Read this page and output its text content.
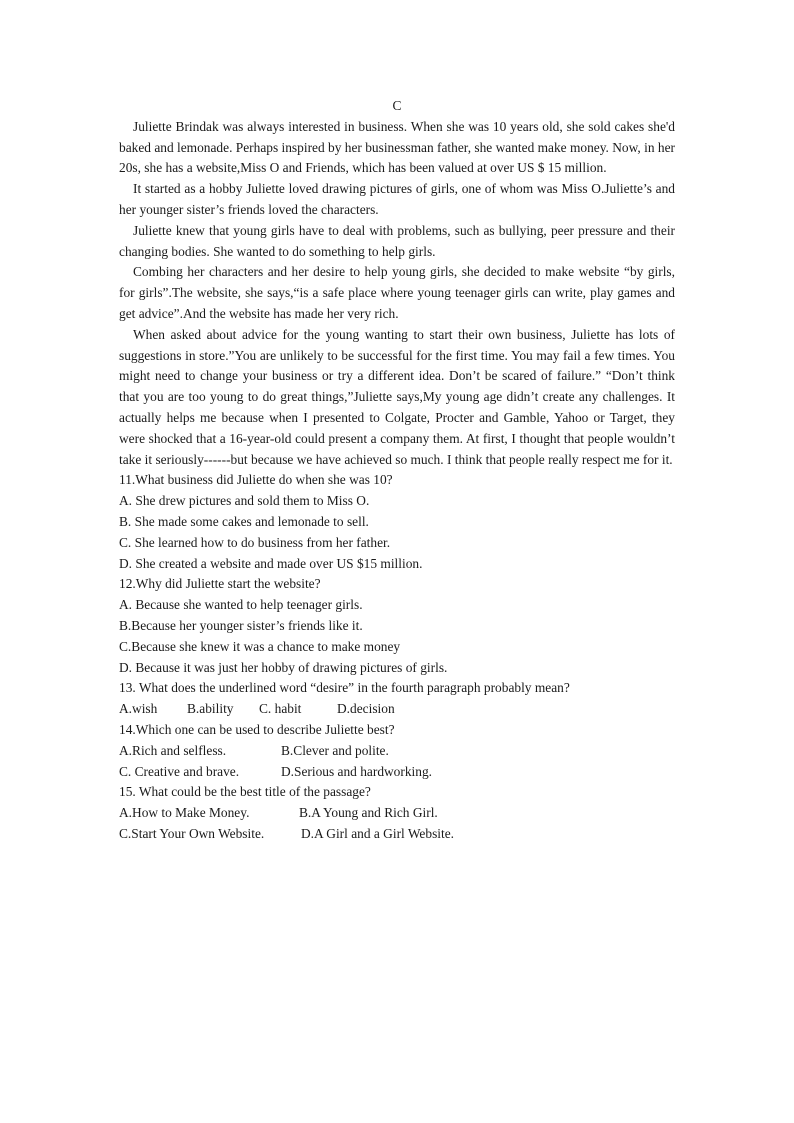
C

Juliette Brindak was always interested in business. When she was 10 years old, she sold cakes she'd baked and lemonade. Perhaps inspired by her businessman father, she wanted make money. Now, in her 20s, she has a website,Miss O and Friends, which has been valued at over US $ 15 million.

It started as a hobby Juliette loved drawing pictures of girls, one of whom was Miss O.Juliette’s and her younger sister’s friends loved the characters.

Juliette knew that young girls have to deal with problems, such as bullying, peer pressure and their changing bodies. She wanted to do something to help girls.

Combing her characters and her desire to help young girls, she decided to make website “by girls, for girls”.The website, she says,“is a safe place where young teenager girls can write, play games and get advice”.And the website has made her very rich.

When asked about advice for the young wanting to start their own business, Juliette has lots of suggestions in store.”You are unlikely to be successful for the first time. You may fail a few times. You might need to change your business or try a different idea. Don’t be scared of failure.” “Don’t think that you are too young to do great things,”Juliette says,My young age didn’t create any challenges. It actually helps me because when I presented to Colgate, Procter and Gamble, Yahoo or Target, they were shocked that a 16-year-old could present a company them. At first, I thought that people wouldn’t take it seriously------but because we have achieved so much. I think that people really respect me for it.

11.What business did Juliette do when she was 10?

A. She drew pictures and sold them to Miss O.

B. She made some cakes and lemonade to sell.

C. She learned how to do business from her father.

D. She created a website and made over US $15 million.

12.Why did Juliette start the website?

A. Because she wanted to help teenager girls.

B.Because her younger sister’s friends like it.

C.Because she knew it was a chance to make money

D. Because it was just her hobby of drawing pictures of girls.

13. What does the underlined word “desire” in the fourth paragraph probably mean?

A.wish	B.ability	C. habit	D.decision

14.Which one can be used to describe Juliette best?

A.Rich and selfless.	B.Clever and polite.
C. Creative and brave.	D.Serious and hardworking.

15. What could be the best title of the passage?

A.How to Make Money.	B.A Young and Rich Girl.
C.Start Your Own Website.	D.A Girl and a Girl Website.
